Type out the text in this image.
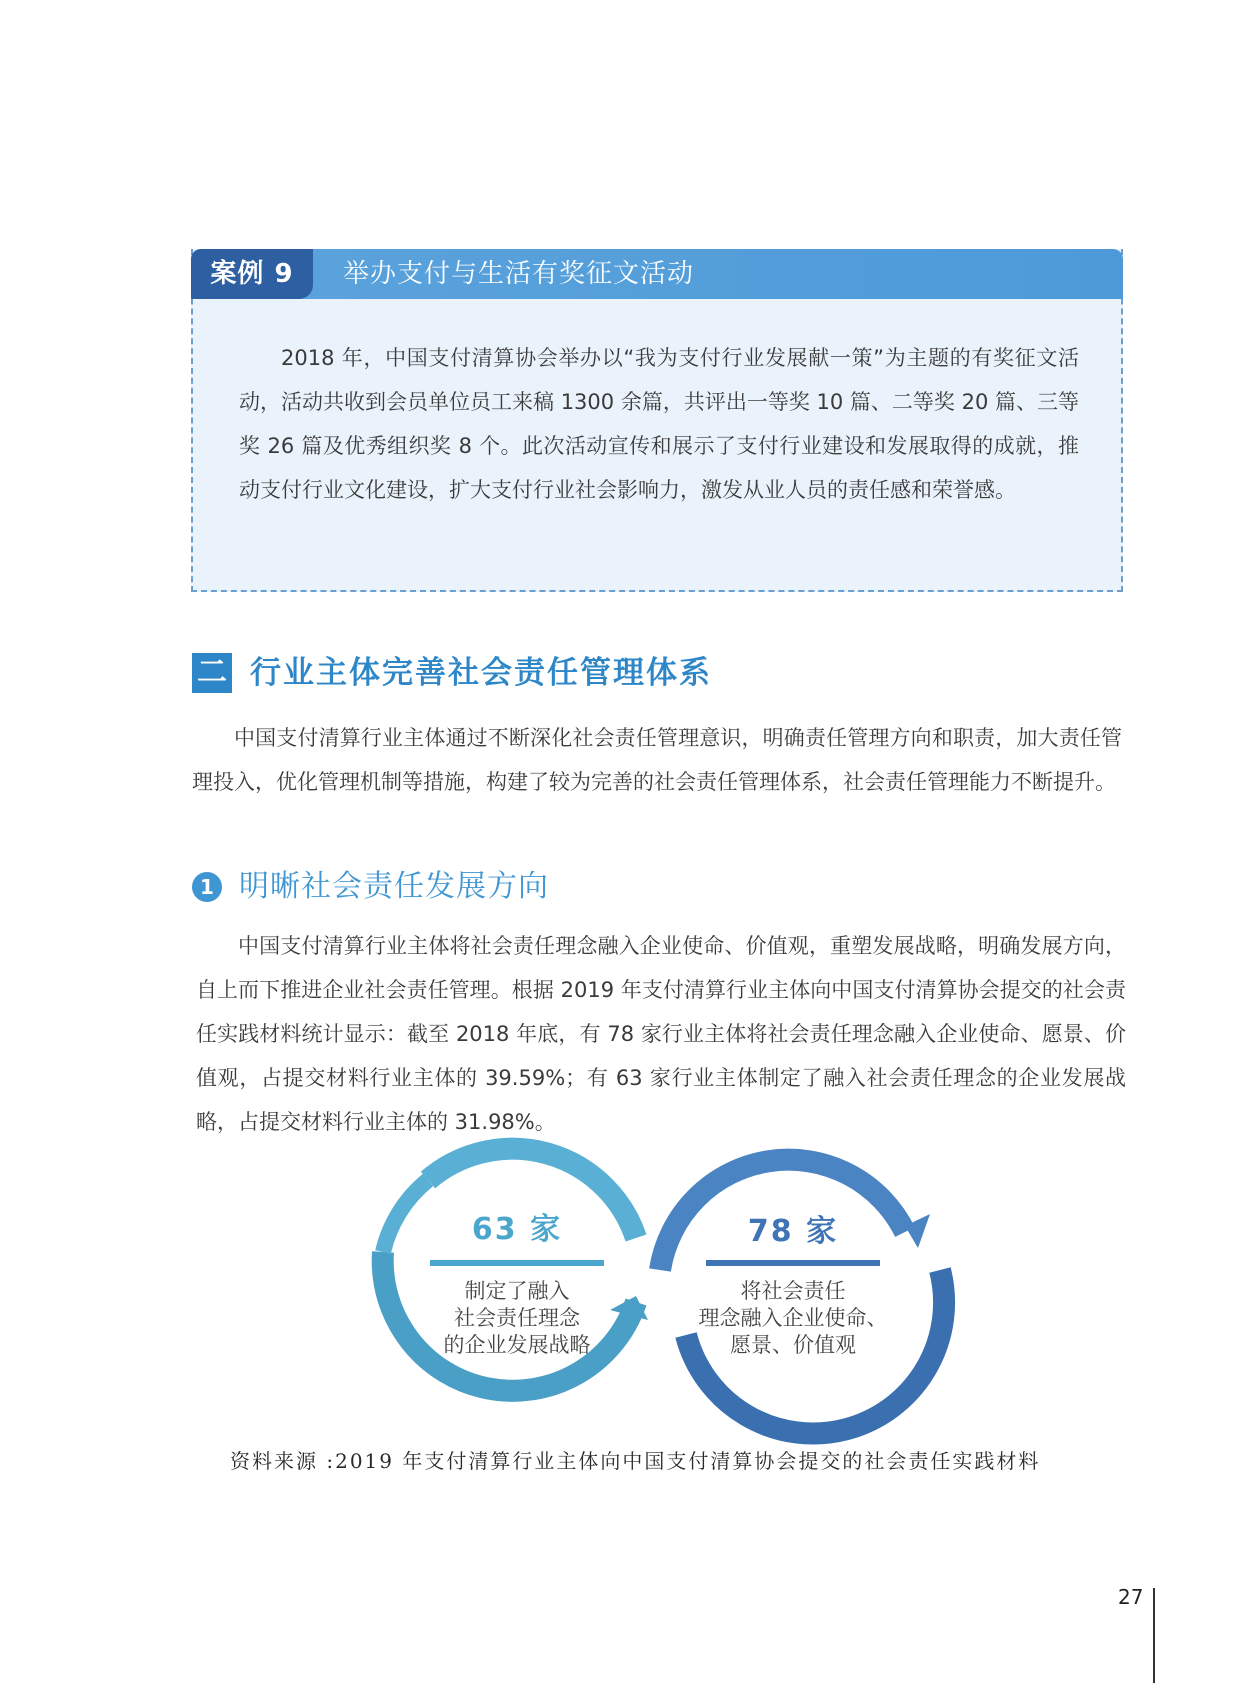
案例 9	举办支付与生活有奖征文活动

2018 年，中国支付清算协会举办以“我为支付行业发展献一策”为主题的有奖征文活动，活动共收到会员单位员工来稿 1300 余篇，共评出一等奖 10 篇、二等奖 20 篇、三等奖 26 篇及优秀组织奖 8 个。此次活动宣传和展示了支付行业建设和发展取得的成就，推动支付行业文化建设，扩大支付行业社会影响力，激发从业人员的责任感和荣誉感。

二 行业主体完善社会责任管理体系

中国支付清算行业主体通过不断深化社会责任管理意识，明确责任管理方向和职责，加大责任管理投入，优化管理机制等措施，构建了较为完善的社会责任管理体系，社会责任管理能力不断提升。

1 明晰社会责任发展方向

中国支付清算行业主体将社会责任理念融入企业使命、价值观，重塑发展战略，明确发展方向，自上而下推进企业社会责任管理。根据 2019 年支付清算行业主体向中国支付清算协会提交的社会责任实践材料统计显示：截至 2018 年底，有 78 家行业主体将社会责任理念融入企业使命、愿景、价值观，占提交材料行业主体的 39.59%；有 63 家行业主体制定了融入社会责任理念的企业发展战略，占提交材料行业主体的 31.98%。

63 家
制定了融入
社会责任理念
的企业发展战略
78 家
将社会责任
理念融入企业使命、
愿景、价值观
资料来源 :2019 年支付清算行业主体向中国支付清算协会提交的社会责任实践材料
27
